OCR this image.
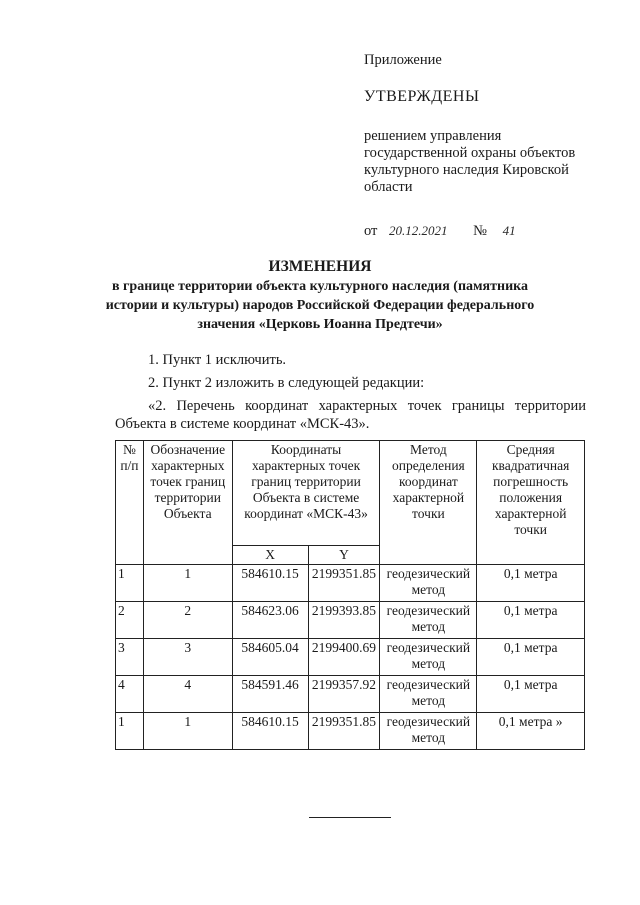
Приложение
УТВЕРЖДЕНЫ
решением управления
государственной охраны объектов
культурного наследия Кировской
области
от 20.12.2021 № 41
ИЗМЕНЕНИЯ
в границе территории объекта культурного наследия (памятника
истории и культуры) народов Российской Федерации федерального
значения «Церковь Иоанна Предтечи»
1. Пункт 1 исключить.
2. Пункт 2 изложить в следующей редакции:
«2. Перечень координат характерных точек границы территории
Объекта в системе координат «МСК-43».
№ п/п	Обозначение характерных точек границ территории Объекта	Координаты характерных точек границ территории Объекта в системе координат «МСК-43»		Метод определения координат характерной точки	Средняя квадратичная погрешность положения характерной точки
		X	Y		
1	1	584610.15	2199351.85	геодезический метод	0,1 метра
2	2	584623.06	2199393.85	геодезический метод	0,1 метра
3	3	584605.04	2199400.69	геодезический метод	0,1 метра
4	4	584591.46	2199357.92	геодезический метод	0,1 метра
1	1	584610.15	2199351.85	геодезический метод	0,1 метра »
